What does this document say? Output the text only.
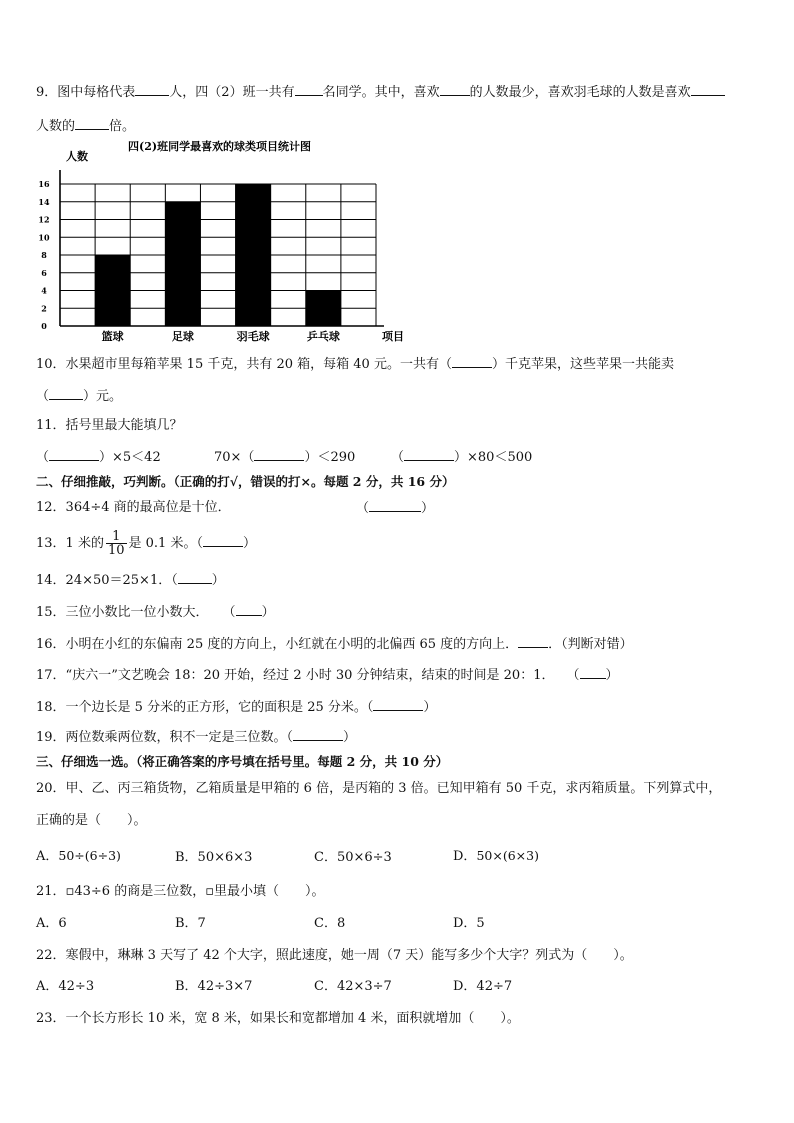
9．图中每格代表	人，四（2）班一共有 名同学。其中，喜欢 的人数最少，喜欢羽毛球的人数是喜欢
人数的	倍。
四(2)班同学最喜欢的球类项目统计图
人数
0
2
4
6
8
10
12
14
16
篮球	足球	羽毛球	乒乓球	项目
10．水果超市里每箱苹果 15 千克，共有 20 箱，每箱 40 元。一共有（	）千克苹果，这些苹果一共能卖
（	）元。
11．括号里最大能填几？
（	）×5＜42	70×（	）＜290	（	）×80＜500
二、仔细推敲，巧判断。（正确的打√，错误的打×。每题 2 分，共 16 分）
12．364÷4 商的最高位是十位．	（	）
13．1 米的 $\frac{1}{10}$ 是 0.1 米。（	）
14．24×50＝25×1．（	）
15．三位小数比一位小数大． （ ）
16．小明在小红的东偏南 25 度的方向上，小红就在小明的北偏西 65 度的方向上． ．（判断对错）
17．“庆六一”文艺晚会 18：20 开始，经过 2 小时 30 分钟结束，结束的时间是 20：1． （ ）
18．一个边长是 5 分米的正方形，它的面积是 25 分米。（	）
19．两位数乘两位数，积不一定是三位数。（	）
三、仔细选一选。（将正确答案的序号填在括号里。每题 2 分，共 10 分）
20．甲、乙、丙三箱货物，乙箱质量是甲箱的 6 倍，是丙箱的 3 倍。已知甲箱有 50 千克，求丙箱质量。下列算式中，
正确的是（　　）。
A．50÷(6÷3)	B．50×6×3	C．50×6÷3	D．50×(6×3)
21．▫43÷6 的商是三位数，▫里最小填（　　）。
A．6	B．7	C．8	D．5
22．寒假中，琳琳 3 天写了 42 个大字，照此速度，她一周（7 天）能写多少个大字？列式为（　　）。
A．42÷3	B．42÷3×7	C．42×3÷7	D．42÷7
23．一个长方形长 10 米，宽 8 米，如果长和宽都增加 4 米，面积就增加（　　）。
